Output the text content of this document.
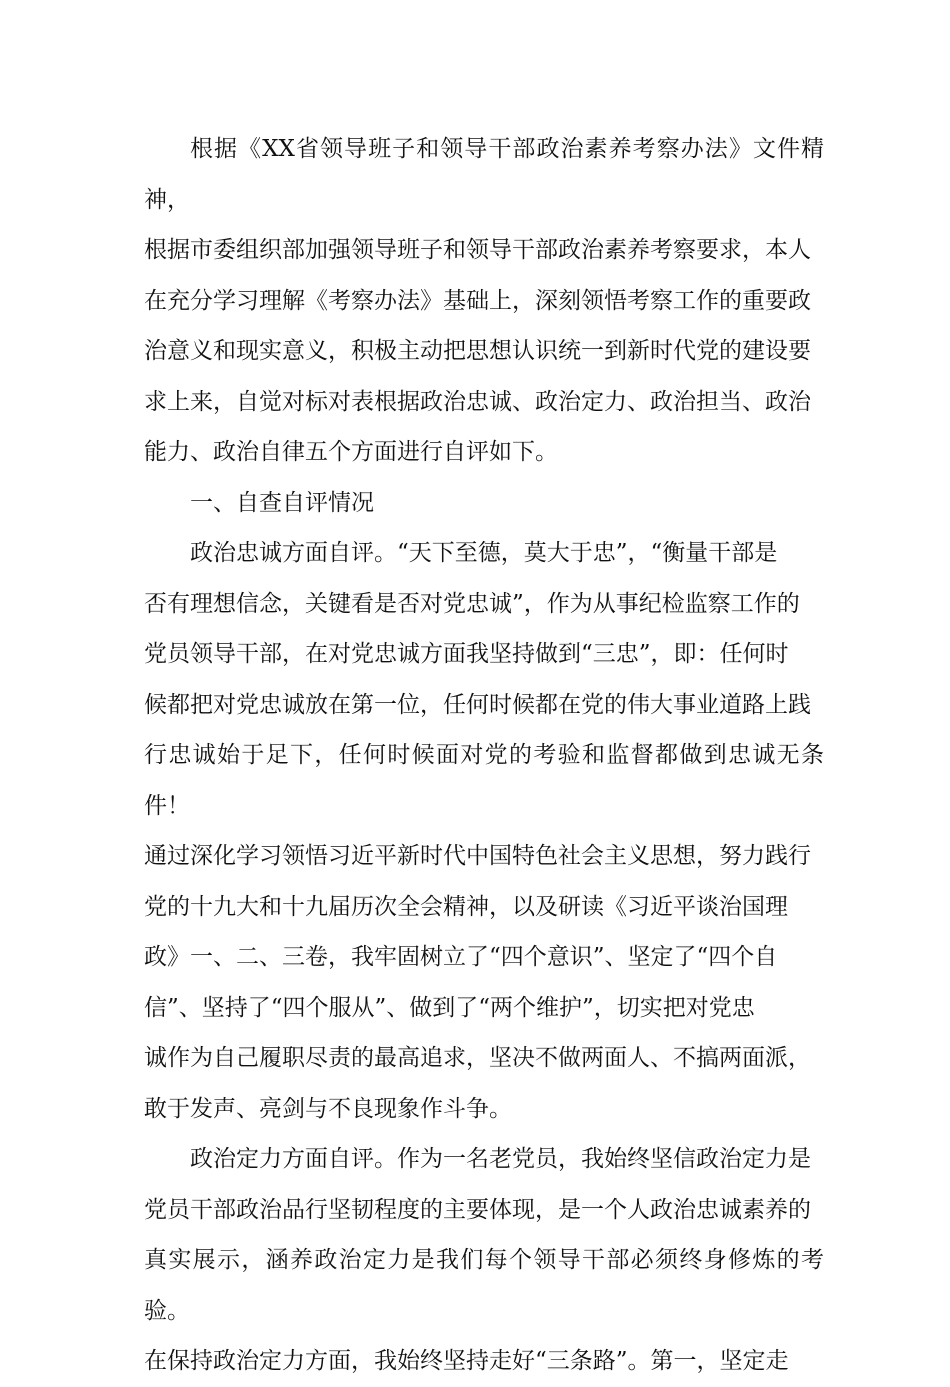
根据《XX省领导班子和领导干部政治素养考察办法》文件精神，
根据市委组织部加强领导班子和领导干部政治素养考察要求，本人
在充分学习理解《考察办法》基础上，深刻领悟考察工作的重要政
治意义和现实意义，积极主动把思想认识统一到新时代党的建设要
求上来，自觉对标对表根据政治忠诚、政治定力、政治担当、政治
能力、政治自律五个方面进行自评如下。

一、自查自评情况

政治忠诚方面自评。“天下至德，莫大于忠”，“衡量干部是
否有理想信念，关键看是否对党忠诚”，作为从事纪检监察工作的
党员领导干部，在对党忠诚方面我坚持做到“三忠”，即：任何时
候都把对党忠诚放在第一位，任何时候都在党的伟大事业道路上践
行忠诚始于足下，任何时候面对党的考验和监督都做到忠诚无条件！
通过深化学习领悟习近平新时代中国特色社会主义思想，努力践行
党的十九大和十九届历次全会精神，以及研读《习近平谈治国理
政》一、二、三卷，我牢固树立了“四个意识”、坚定了“四个自
信”、坚持了“四个服从”、做到了“两个维护”，切实把对党忠
诚作为自己履职尽责的最高追求，坚决不做两面人、不搞两面派，
敢于发声、亮剑与不良现象作斗争。

政治定力方面自评。作为一名老党员，我始终坚信政治定力是
党员干部政治品行坚韧程度的主要体现，是一个人政治忠诚素养的
真实展示，涵养政治定力是我们每个领导干部必须终身修炼的考验。
在保持政治定力方面，我始终坚持走好“三条路”。第一，坚定走
